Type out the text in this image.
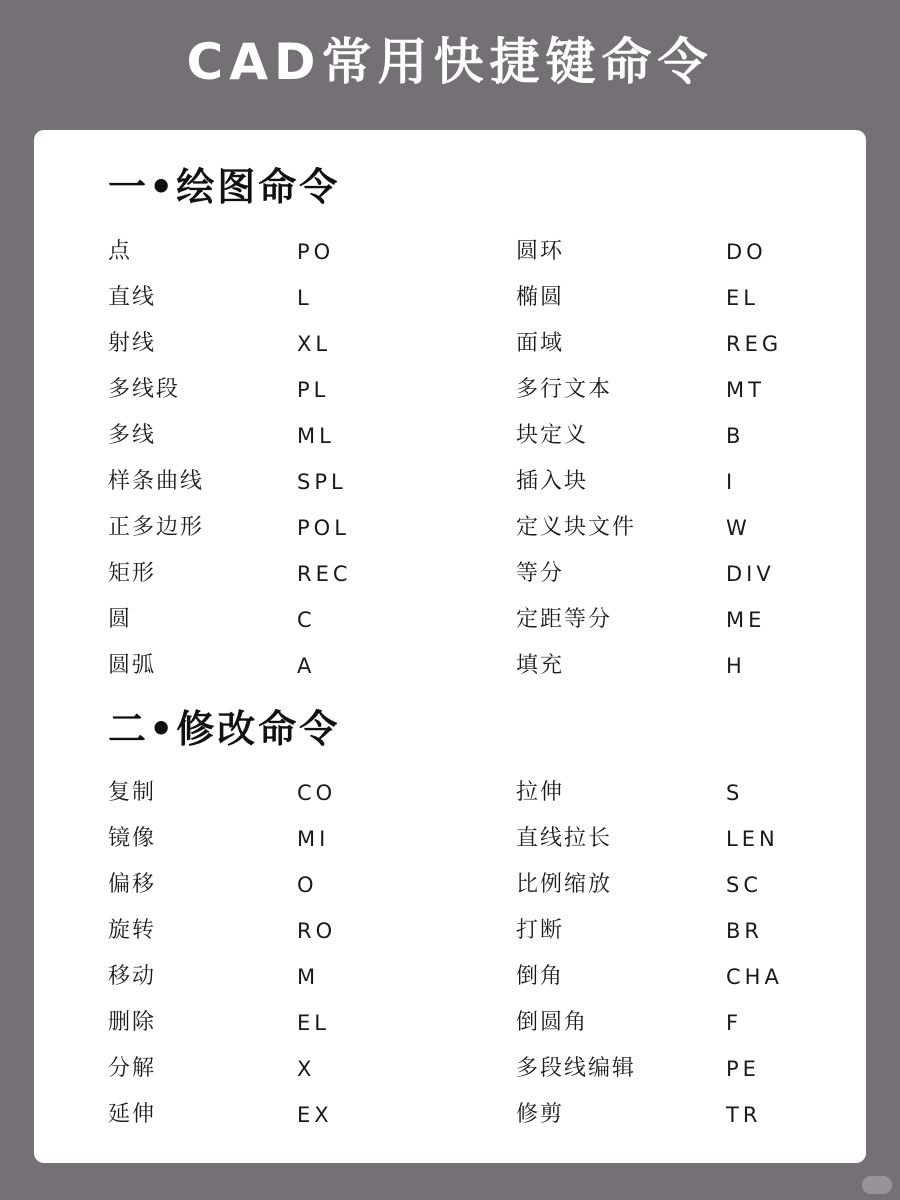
CAD常用快捷键命令
一•绘图命令
点	PO	圆环	DO
直线	L	椭圆	EL
射线	XL	面域	REG
多线段	PL	多行文本	MT
多线	ML	块定义	B
样条曲线	SPL	插入块	I
正多边形	POL	定义块文件	W
矩形	REC	等分	DIV
圆	C	定距等分	ME
圆弧	A	填充	H
二•修改命令
复制	CO	拉伸	S
镜像	MI	直线拉长	LEN
偏移	O	比例缩放	SC
旋转	RO	打断	BR
移动	M	倒角	CHA
删除	EL	倒圆角	F
分解	X	多段线编辑	PE
延伸	EX	修剪	TR
